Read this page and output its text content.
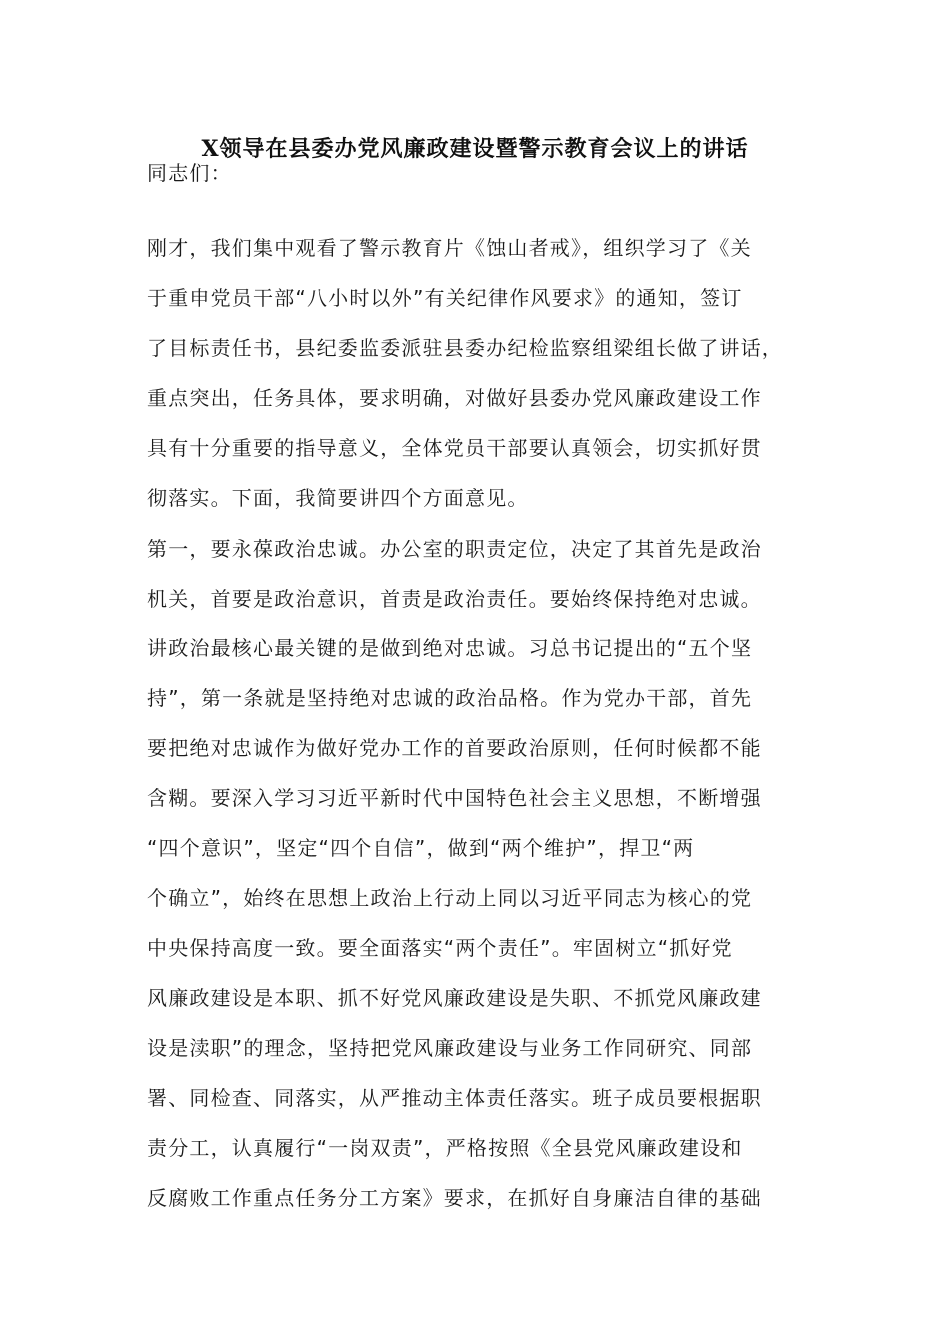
X领导在县委办党风廉政建设暨警示教育会议上的讲话
同志们：
刚才，我们集中观看了警示教育片《蚀山者戒》，组织学习了《关
于重申党员干部“八小时以外”有关纪律作风要求》的通知，签订
了目标责任书，县纪委监委派驻县委办纪检监察组梁组长做了讲话，
重点突出，任务具体，要求明确，对做好县委办党风廉政建设工作
具有十分重要的指导意义，全体党员干部要认真领会，切实抓好贯
彻落实。下面，我简要讲四个方面意见。
第一，要永葆政治忠诚。办公室的职责定位，决定了其首先是政治
机关，首要是政治意识，首责是政治责任。要始终保持绝对忠诚。
讲政治最核心最关键的是做到绝对忠诚。习总书记提出的“五个坚
持”，第一条就是坚持绝对忠诚的政治品格。作为党办干部，首先
要把绝对忠诚作为做好党办工作的首要政治原则，任何时候都不能
含糊。要深入学习习近平新时代中国特色社会主义思想，不断增强
“四个意识”，坚定“四个自信”，做到“两个维护”，捍卫“两
个确立”，始终在思想上政治上行动上同以习近平同志为核心的党
中央保持高度一致。要全面落实“两个责任”。牢固树立“抓好党
风廉政建设是本职、抓不好党风廉政建设是失职、不抓党风廉政建
设是渎职”的理念，坚持把党风廉政建设与业务工作同研究、同部
署、同检查、同落实，从严推动主体责任落实。班子成员要根据职
责分工，认真履行“一岗双责”，严格按照《全县党风廉政建设和
反腐败工作重点任务分工方案》要求，在抓好自身廉洁自律的基础
